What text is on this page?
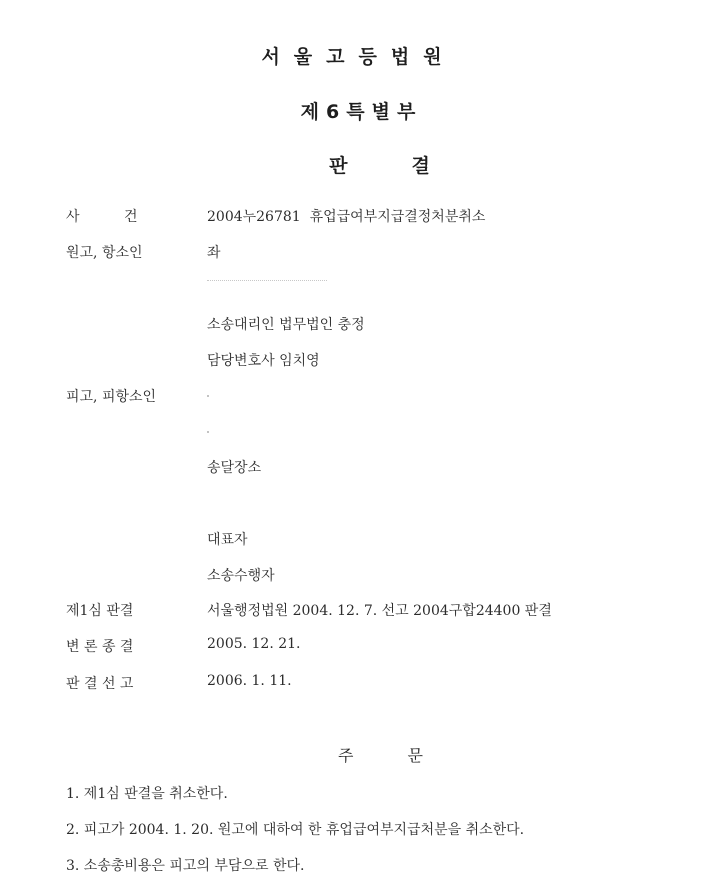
서울고등법원
제6특별부
판결
사          건	2004누26781  휴업급여부지급결정처분취소
원고, 항소인	좌
소송대리인 법무법인 충정
담당변호사 임치영
피고, 피항소인
송달장소
대표자
소송수행자
제1심 판결	서울행정법원 2004. 12. 7. 선고 2004구합24400 판결
변 론 종 결	2005. 12. 21.
판 결 선 고	2006. 1. 11.
주문
1. 제1심 판결을 취소한다.
2. 피고가 2004. 1. 20. 원고에 대하여 한 휴업급여부지급처분을 취소한다.
3. 소송총비용은 피고의 부담으로 한다.
